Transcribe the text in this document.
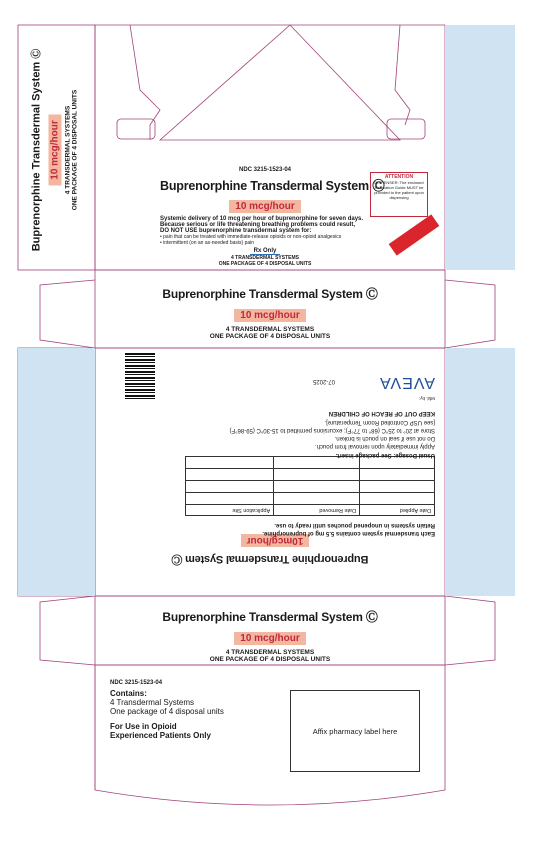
Buprenorphine Transdermal System Ⓒ
10 mcg/hour 4 TRANSDERMAL SYSTEMS ONE PACKAGE OF 4 DISPOSAL UNITS	NDC 3215-1523-04
Buprenorphine Transdermal System Ⓒ
10 mcg/hour
Systemic delivery of 10 mcg per hour of buprenorphine for seven days.
Because serious or life threatening breathing problems could result,
DO NOT USE buprenorphine transdermal system for:
• pain that can be treated with immediate-release opioids or non-opioid analgesics
• intermittent (on an as-needed basis) pain
Rx Only
4 TRANSDERMAL SYSTEMS
ONE PACKAGE OF 4 DISPOSAL UNITS
ATTENTION
DISPENSER: The enclosed Medication Guide MUST be provided to the patient upon dispensing
Buprenorphine Transdermal System Ⓒ
10 mcg/hour
4 TRANSDERMAL SYSTEMS
ONE PACKAGE OF 4 DISPOSAL UNITS
Buprenorphine Transdermal System Ⓒ
10mcg/hour
Each transdermal system contains 5.5 mg of buprenorphine.
Retain systems in unopened pouches until ready to use.
Date Applied	Date Removed	Application Site

Usual Dosage: See package insert.
Apply immediately upon removal from pouch.
Do not use if seal on pouch is broken.
Store at 20° to 25°C (68° to 77°F); excursions permitted to 15-30°C (59-86°F)
[see USP Controlled Room Temperature].
KEEP OUT OF REACH OF CHILDREN
Mfd. by:
AVEVA
07-2025
Buprenorphine Transdermal System Ⓒ
10 mcg/hour
4 TRANSDERMAL SYSTEMS
ONE PACKAGE OF 4 DISPOSAL UNITS
NDC 3215-1523-04
Contains:
4 Transdermal Systems
One package of 4 disposal units
For Use in Opioid
Experienced Patients Only	Affix pharmacy label here
